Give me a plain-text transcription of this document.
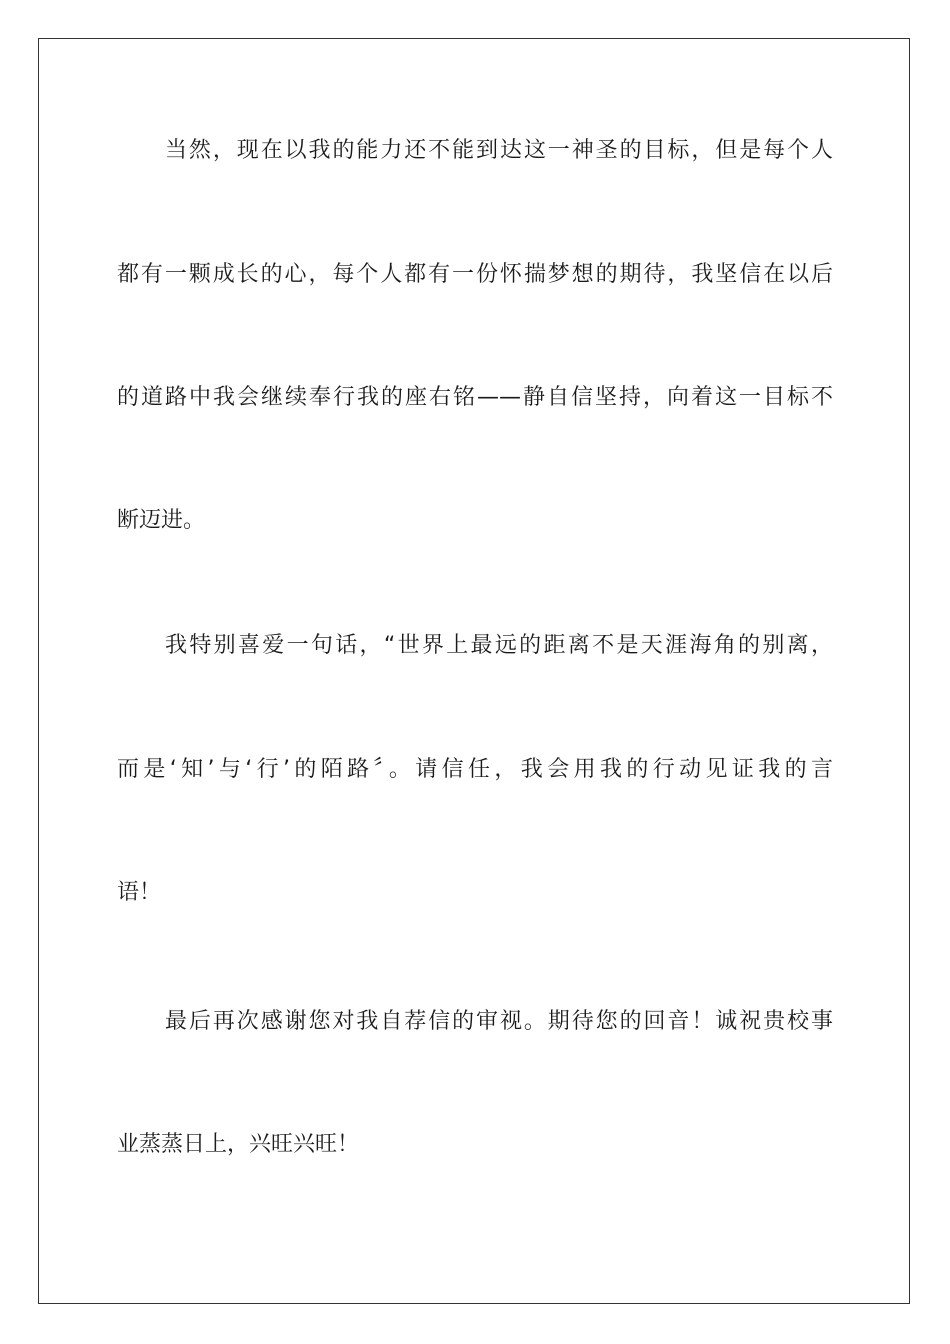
当然，现在以我的能力还不能到达这一神圣的目标，但是每个人
都有一颗成长的心，每个人都有一份怀揣梦想的期待，我坚信在以后
的道路中我会继续奉行我的座右铭——静自信坚持，向着这一目标不
断迈进。
我特别喜爱一句话，“世界上最远的距离不是天涯海角的别离，
而是‘知’与‘行’的陌路〞。请信任，我会用我的行动见证我的言
语！
最后再次感谢您对我自荐信的审视。期待您的回音！诚祝贵校事
业蒸蒸日上，兴旺兴旺！
